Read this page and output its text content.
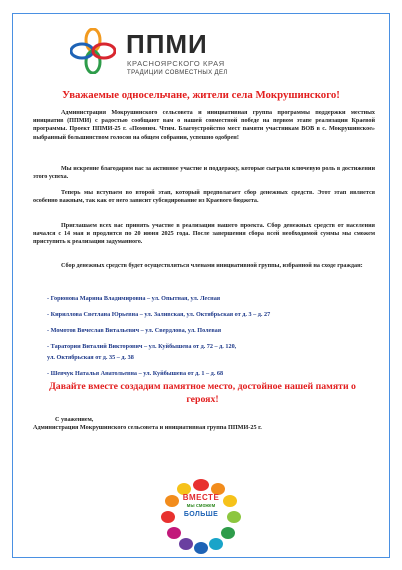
ППМИ
КРАСНОЯРСКОГО КРАЯ
ТРАДИЦИИ СОВМЕСТНЫХ ДЕЛ
Уважаемые односельчане, жители села Мокрушинского!
Администрация Мокрушинского сельсовета и инициативная группа программы поддержки местных инициатив (ППМИ) с радостью сообщают вам о нашей совместной победе на первом этапе реализации Краевой программы. Проект ППМИ-25 г. «Помним. Чтим. Благоустройство мест памяти участникам ВОВ в с. Мокрушинское» выбранный большинством голосов на общем собрании, успешно одобрен!
Мы искренне благодарим вас за активное участие и поддержку, которые сыграли ключевую роль в достижении этого успеха.
Теперь мы вступаем во второй этап, который предполагает сбор денежных средств. Этот этап является особенно важным, так как от него зависит субсидирование из Краевого бюджета.
Приглашаем всех вас принять участие в реализации нашего проекта. Сбор денежных средств от населения начался с 14 мая и продлится по 20 июня 2025 года. После завершения сбора всей необходимой суммы мы сможем приступить к реализации задуманного.
Сбор денежных средств будет осуществляться членами инициативной группы, избранной на сходе граждан:
- Горюнова Марина Владимировна – ул. Опытная, ул. Лесная
- Кириллова Светлана Юрьевна – ул. Заливская, ул. Октябрьская от д. 3 – д. 27
- Момотов Вячеслав Витальевич – ул. Свердлова, ул. Полевая
- Таратории Виталий Викторович – ул. Куйбышева от д. 72 – д. 120,
ул. Октябрьская от д. 35 – д. 38
- Шевчук Наталья Анатольевна – ул. Куйбышева от д. 1 – д. 68
Давайте вместе создадим памятное место, достойное нашей памяти о героях!
С уважением,
Администрация Мокрушинского сельсовета и инициативная группа ППМИ-25 г.
ВМЕСТЕ
мы сможем
БОЛЬШЕ
